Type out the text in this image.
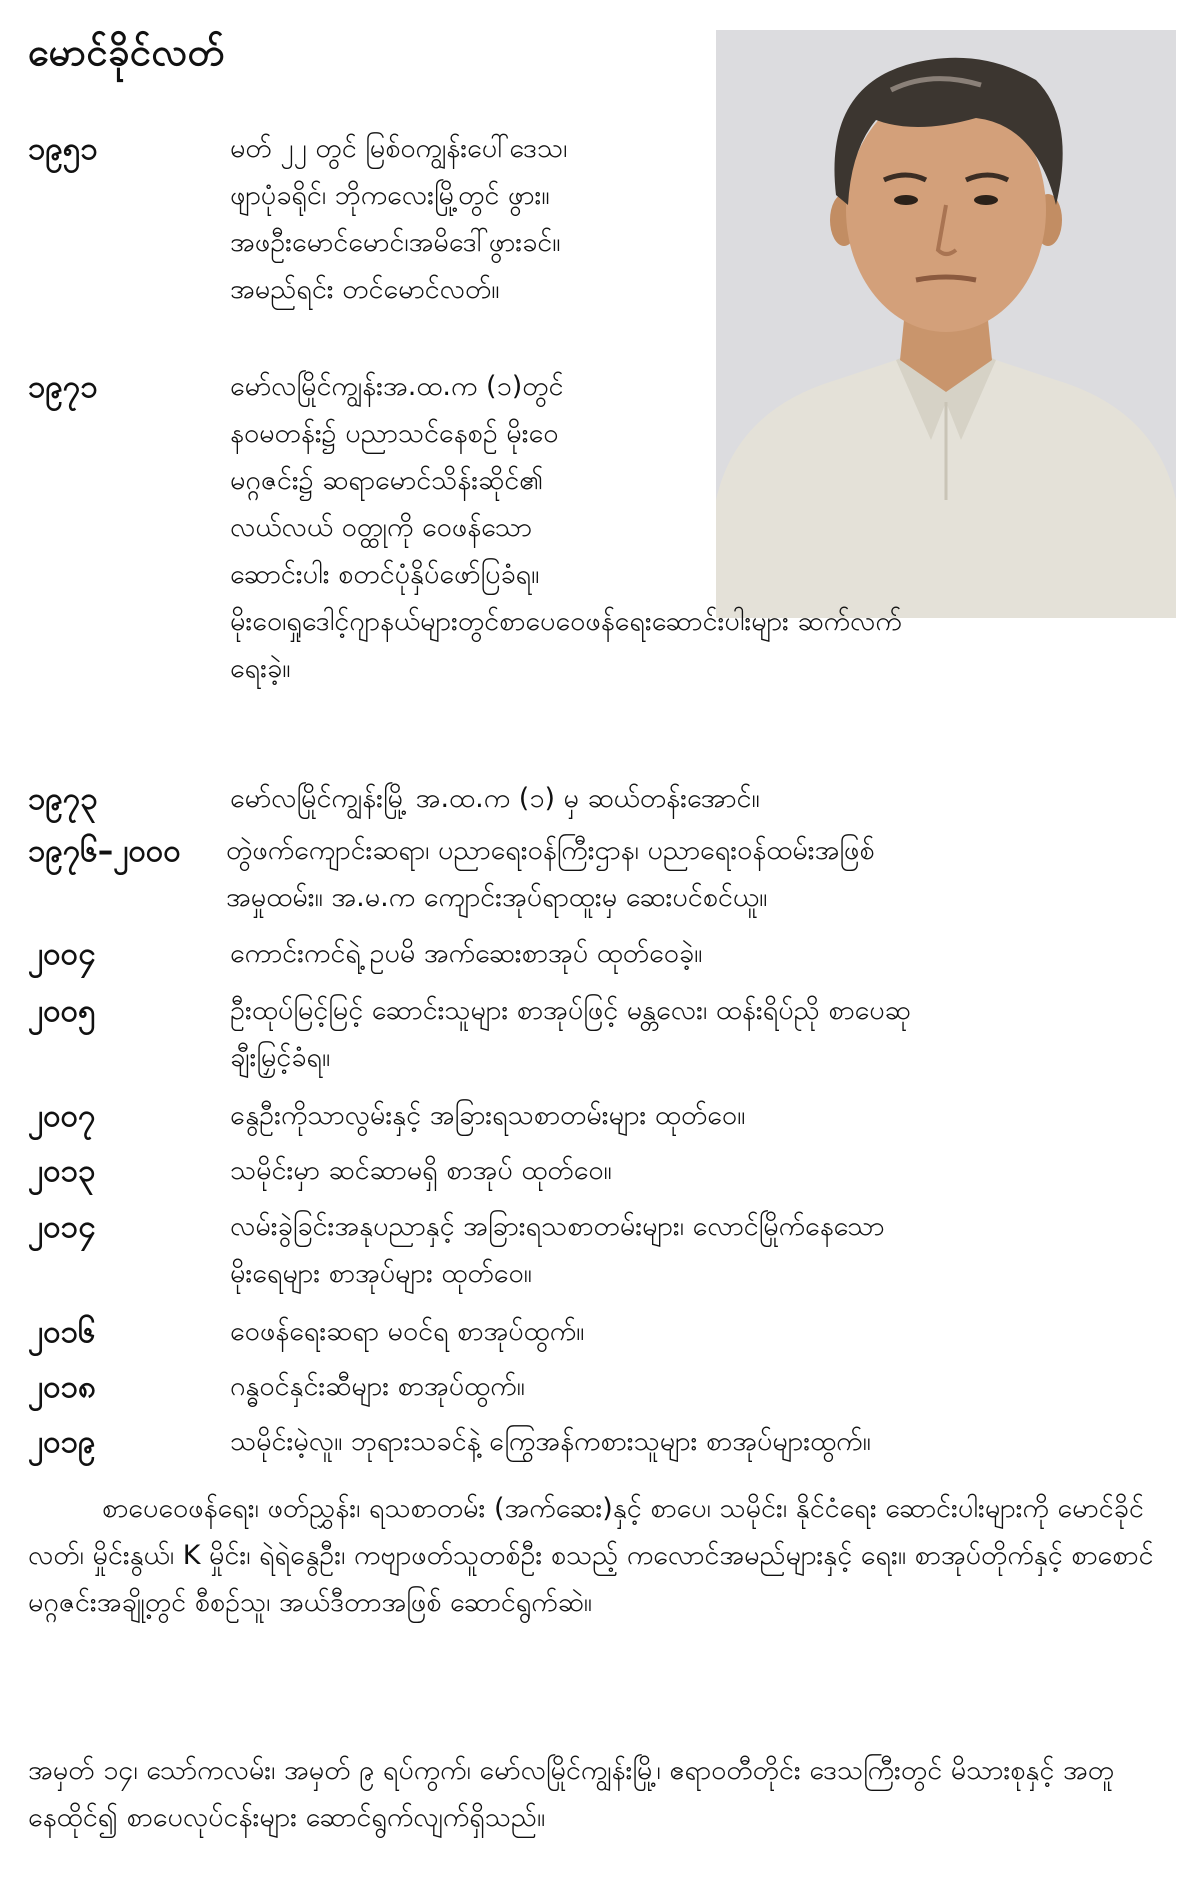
မောင်ခိုင်လတ်
၁၉၅၁	မတ် ၂၂ တွင် မြစ်ဝကျွန်းပေါ်ဒေသ၊
ဖျာပုံခရိုင်၊ ဘိုကလေးမြို့တွင် ဖွား။
အဖဦးမောင်မောင်၊အမိဒေါ်ဖွားခင်။
အမည်ရင်း တင်မောင်လတ်။
၁၉၇၁	မော်လမြိုင်ကျွန်းအ.ထ.က (၁)တွင်
နဝမတန်း၌ ပညာသင်နေစဉ် မိုးဝေ
မဂ္ဂဇင်း၌ ဆရာမောင်သိန်းဆိုင်၏
လယ်လယ် ဝတ္ထုကို ဝေဖန်သော
ဆောင်းပါး စတင်ပုံနှိပ်ဖော်ပြခံရ။
မိုးဝေ၊ရှုဒေါင့်ဂျာနယ်များတွင်စာပေဝေဖန်ရေးဆောင်းပါးများ ဆက်လက်
ရေးခဲ့။
၁၉၇၃	မော်လမြိုင်ကျွန်းမြို့ အ.ထ.က (၁) မှ ဆယ်တန်းအောင်။
၁၉၇၆–၂၀၀၀ တွဲဖက်ကျောင်းဆရာ၊ ပညာရေးဝန်ကြီးဌာန၊ ပညာရေးဝန်ထမ်းအဖြစ်
အမှုထမ်း။ အ.မ.က ကျောင်းအုပ်ရာထူးမှ ဆေးပင်စင်ယူ။
၂၀၀၄	ကောင်းကင်ရဲ့ ဥပမိ အက်ဆေးစာအုပ် ထုတ်ဝေခဲ့။
၂၀၀၅	ဦးထုပ်မြင့်မြင့် ဆောင်းသူများ စာအုပ်ဖြင့် မန္တလေး၊ ထန်းရိပ်ညို စာပေဆု
ချီးမြှင့်ခံရ။
၂၀၀၇	နွေဦးကိုသာလွမ်းနှင့် အခြားရသစာတမ်းများ ထုတ်ဝေ။
၂၀၁၃	သမိုင်းမှာ ဆင်ဆာမရှိ စာအုပ် ထုတ်ဝေ။
၂၀၁၄	လမ်းခွဲခြင်းအနုပညာနှင့် အခြားရသစာတမ်းများ၊ လောင်မြိုက်နေသော
မိုးရေများ စာအုပ်များ ထုတ်ဝေ။
၂၀၁၆	ဝေဖန်ရေးဆရာ မဝင်ရ စာအုပ်ထွက်။
၂၀၁၈	ဂန္ဓဝင်နှင်းဆီများ စာအုပ်ထွက်။
၂၀၁၉	သမိုင်းမဲ့လူ။ ဘုရားသခင်နဲ့ ကြွေအန်ကစားသူများ စာအုပ်များထွက်။
စာပေဝေဖန်ရေး၊ ဖတ်ညွှန်း၊ ရသစာတမ်း (အက်ဆေး)နှင့် စာပေ၊ သမိုင်း၊ နိုင်ငံရေး ဆောင်းပါးများကို မောင်ခိုင်လတ်၊ မှိုင်းနွယ်၊ K မှိုင်း၊ ရဲရဲနွေဦး၊ ကဗျာဖတ်သူတစ်ဦး စသည့် ကလောင်အမည်များနှင့် ရေး။ စာအုပ်တိုက်နှင့် စာစောင်မဂ္ဂဇင်းအချို့တွင် စီစဉ်သူ၊ အယ်ဒီတာအဖြစ် ဆောင်ရွက်ဆဲ။
အမှတ် ၁၄၊ သော်ကလမ်း၊ အမှတ် ၉ ရပ်ကွက်၊ မော်လမြိုင်ကျွန်းမြို့၊ ဧရာဝတီတိုင်း ဒေသကြီးတွင် မိသားစုနှင့် အတူနေထိုင်၍ စာပေလုပ်ငန်းများ ဆောင်ရွက်လျက်ရှိသည်။
